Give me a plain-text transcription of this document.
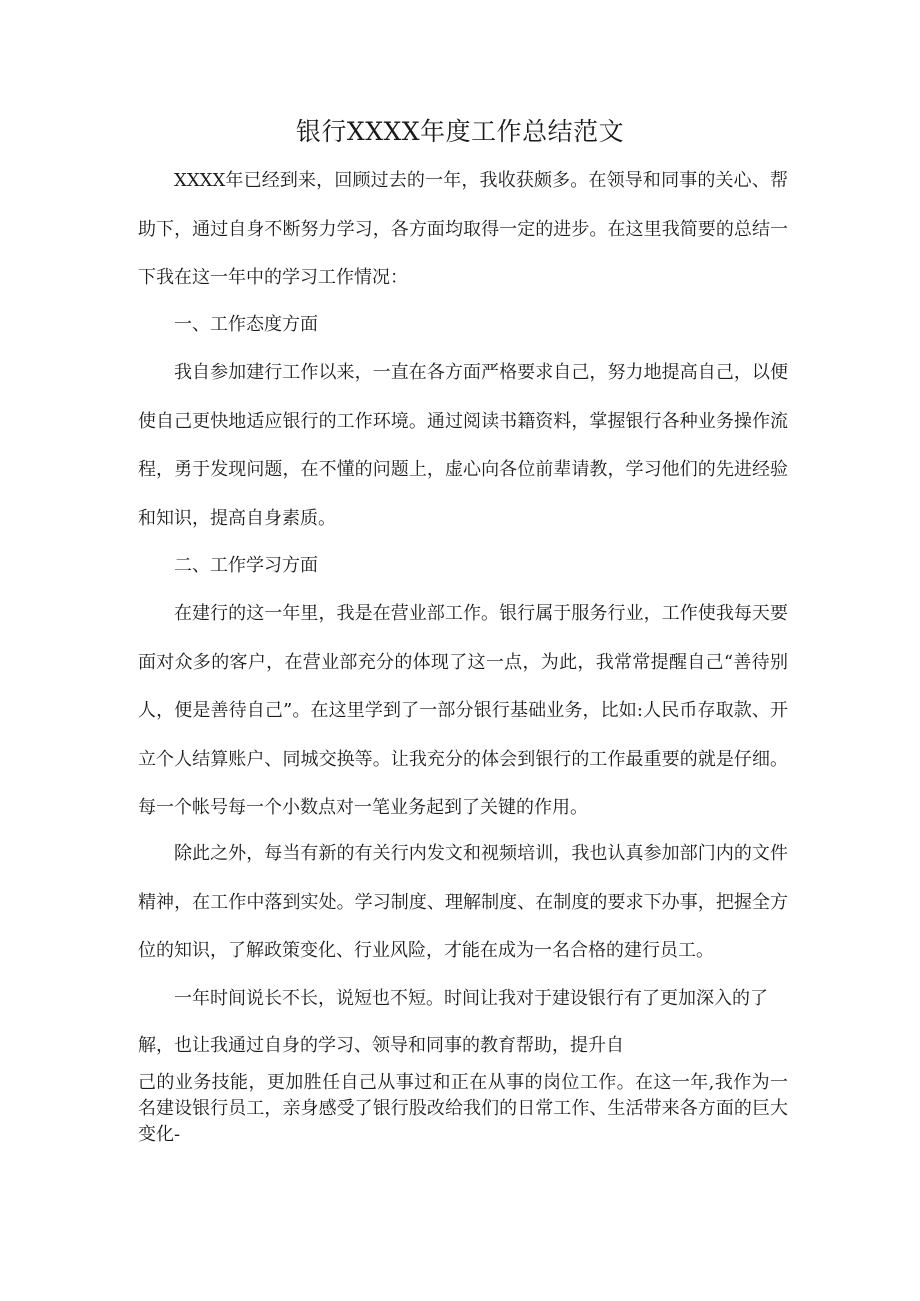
银行XXXX年度工作总结范文

XXXX年已经到来，回顾过去的一年，我收获颇多。在领导和同事的关心、帮助下，通过自身不断努力学习，各方面均取得一定的进步。在这里我简要的总结一下我在这一年中的学习工作情况：

一、工作态度方面

我自参加建行工作以来，一直在各方面严格要求自己，努力地提高自己，以便使自己更快地适应银行的工作环境。通过阅读书籍资料，掌握银行各种业务操作流程，勇于发现问题，在不懂的问题上，虚心向各位前辈请教，学习他们的先进经验和知识，提高自身素质。

二、工作学习方面

在建行的这一年里，我是在营业部工作。银行属于服务行业，工作使我每天要面对众多的客户，在营业部充分的体现了这一点，为此，我常常提醒自己“善待别人，便是善待自己”。在这里学到了一部分银行基础业务，比如:人民币存取款、开立个人结算账户、同城交换等。让我充分的体会到银行的工作最重要的就是仔细。每一个帐号每一个小数点对一笔业务起到了关键的作用。

除此之外，每当有新的有关行内发文和视频培训，我也认真参加部门内的文件精神，在工作中落到实处。学习制度、理解制度、在制度的要求下办事，把握全方位的知识，了解政策变化、行业风险，才能在成为一名合格的建行员工。

一年时间说长不长，说短也不短。时间让我对于建设银行有了更加深入的了

解，也让我通过自身的学习、领导和同事的教育帮助，提升自
己的业务技能，更加胜任自己从事过和正在从事的岗位工作。在这一年,我作为一名建设银行员工，亲身感受了银行股改给我们的日常工作、生活带来各方面的巨大变化-
